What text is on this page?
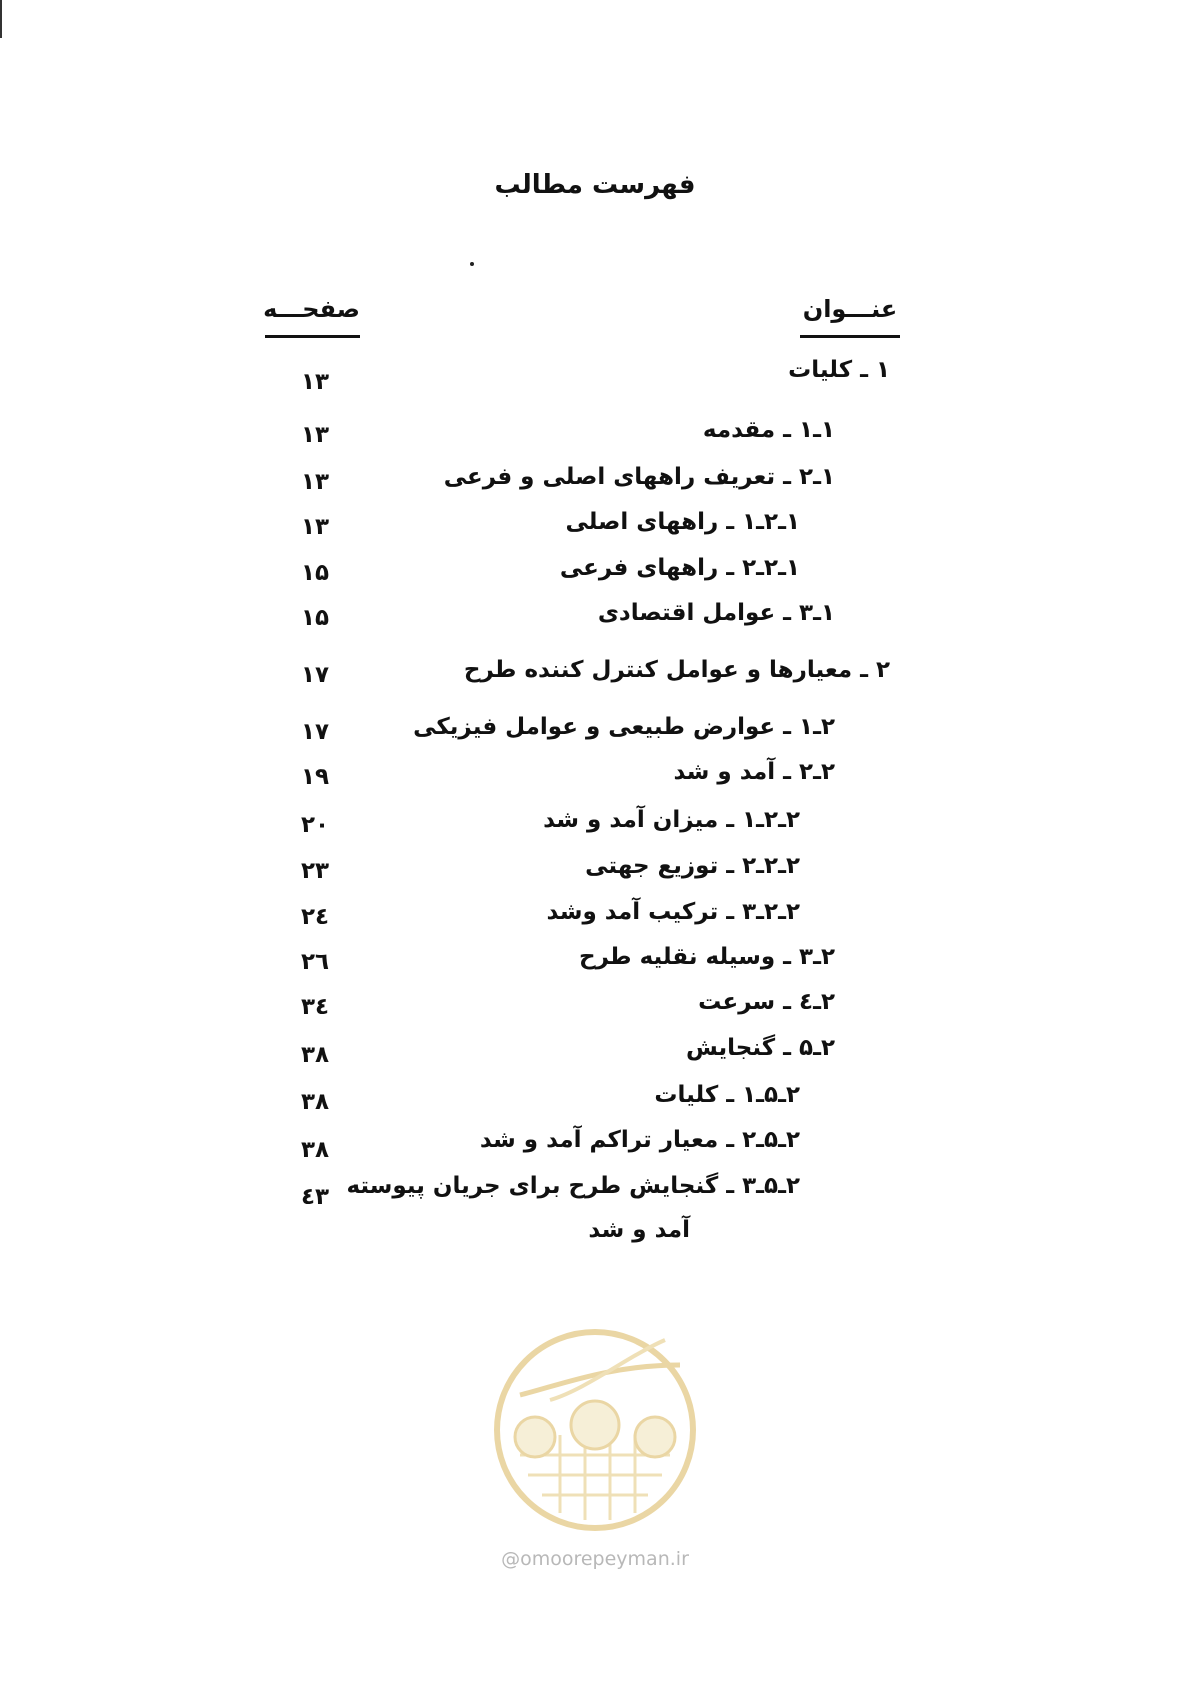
فهرست مطالب
عنـــوان
صفحـــه
۱ ـ كليات
۱۳
۱ـ۱ ـ مقدمه
۱۳
۱ـ۲ ـ تعریف راههای اصلی و فرعی
۱۳
۱ـ۲ـ۱ ـ راههای اصلی
۱۳
۱ـ۲ـ۲ ـ راههای فرعی
۱۵
۱ـ۳ ـ عوامل اقتصادی
۱۵
۲ ـ معیارها و عوامل کنترل کننده طرح
۱۷
۲ـ۱ ـ عوارض طبیعی و عوامل فیزیکی
۱۷
۲ـ۲ ـ آمد و شد
۱۹
۲ـ۲ـ۱ ـ میزان آمد و شد
۲۰
۲ـ۲ـ۲ ـ توزیع جهتی
۲۳
۲ـ۲ـ۳ ـ ترکیب آمد وشد
۲٤
۲ـ۳ ـ وسیله نقلیه طرح
۲٦
۲ـ٤ ـ سرعت
۳٤
۲ـ۵ ـ گنجایش
۳۸
۲ـ۵ـ۱ ـ کلیات
۳۸
۲ـ۵ـ۲ ـ معیار تراکم آمد و شد
۳۸
۲ـ۵ـ۳ ـ گنجایش طرح برای جریان پیوسته
٤۳
آمد و شد
@omoorepeyman.ir
